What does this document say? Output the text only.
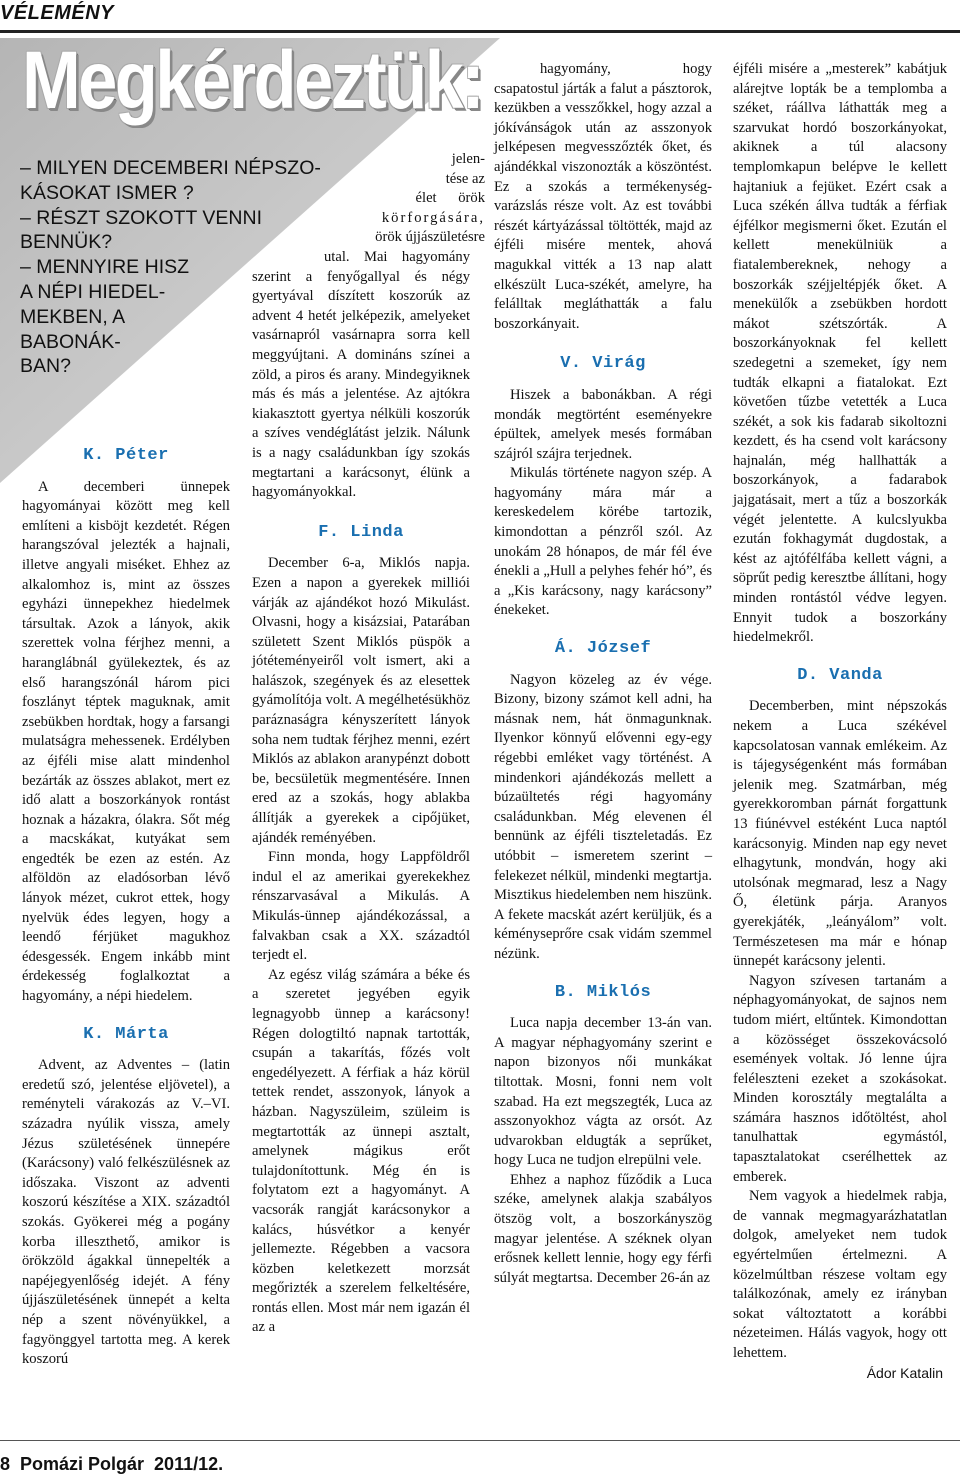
VÉLEMÉNY
Megkérdeztük:
– MILYEN DECEMBERI NÉPSZO-
KÁSOKAT ISMER ?
– RÉSZT SZOKOTT VENNI
BENNÜK?
– MENNYIRE HISZ
A NÉPI HIEDEL-
MEKBEN, A
BABONÁK-
BAN?
K. Péter

A decemberi ünnepek hagyományai között meg kell említeni a kisböjt kezdetét. Régen harangszóval jelezték a hajnali, illetve angyali miséket. Ehhez az alkalomhoz is, mint az összes egyházi ünnepekhez hiedelmek társultak. Azok a lányok, akik szerettek volna férjhez menni, a haranglábnál gyülekeztek, és az első harangszónál három pici foszlányt téptek maguknak, amit zsebükben hordtak, hogy a farsangi mulatságra mehessenek. Erdélyben az éjféli mise alatt mindenhol bezárták az összes ablakot, mert ez idő alatt a boszorkányok rontást hoznak a házakra, ólakra. Sőt még a macskákat, kutyákat sem engedték be ezen az estén. Az alföldön az eladósorban lévő lányok mézet, cukrot ettek, hogy nyelvük édes legyen, hogy a leendő férjüket magukhoz édesgessék. Engem inkább mint érdekesség foglalkoztat a hagyomány, a népi hiedelem.

K. Márta

Advent, az Adventes – (latin eredetű szó, jelentése eljövetel), a reményteli várakozás az V.–VI. századra nyúlik vissza, amely Jézus születésének ünnepére (Karácsony) való felkészülésnek az időszaka. Viszont az adventi koszorú készítése a XIX. századtól szokás. Gyökerei még a pogány korba illeszthető, amikor is örökzöld ágakkal ünnepelték a napéjegyenlőség idejét. A fény újjászületésének ünnepét a kelta nép a szent növényükkel, a fagyönggyel tartotta meg. A kerek koszorú

jelen-
tése az
élet örök
körforgására,
örök újjászületésre

utal. Mai hagyomány szerint a fenyőgallyal és négy gyertyával díszített koszorúk az advent 4 hetét jelképezik, amelyeket vasárnapról vasárnapra sorra kell meggyújtani. A domináns színei a zöld, a piros és arany. Mindegyiknek más és más a jelentése. Az ajtókra kiakasztott gyertya nélküli koszorúk a szíves vendéglátást jelzik. Nálunk is a nagy családunkban így szokás megtartani a karácsonyt, élünk a hagyományokkal.

F. Linda

December 6-a, Miklós napja. Ezen a napon a gyerekek milliói várják az ajándékot hozó Mikulást. Olvasni, hogy a kisázsiai, Patarában született Szent Miklós püspök a jótéteményeiről volt ismert, aki a halászok, szegények és az elesettek gyámolítója volt. A megélhetésükhöz paráznaságra kényszerített lányok soha nem tudtak férjhez menni, ezért Miklós az ablakon aranypénzt dobott be, becsületük megmentésére. Innen ered az a szokás, hogy ablakba állítják a gyerekek a cipőjüket, ajándék reményében.

Finn monda, hogy Lappföldről indul el az amerikai gyerekekhez rénszarvasával a Mikulás. A Mikulás-ünnep ajándékozással, a falvakban csak a XX. századtól terjedt el.

Az egész világ számára a béke és a szeretet jegyében egyik legnagyobb ünnep a karácsony! Régen dologtiltó napnak tartották, csupán a takarítás, főzés volt engedélyezett. A férfiak a ház körül tettek rendet, asszonyok, lányok a házban. Nagyszüleim, szüleim is megtartották az ünnepi asztalt, amelynek mágikus erőt tulajdonítottunk. Még én is folytatom ezt a hagyományt. A vacsorák rangját karácsonykor a kalács, húsvétkor a kenyér jellemezte. Régebben a vacsora közben keletkezett morzsát megőrizték a szerelem felkeltésére, rontás ellen. Most már nem igazán él az a

hagyomány, hogy csapatostul járták a falut a pásztorok, kezükben a vesszőkkel, hogy azzal a jókívánságok után az asszonyok jelképesen megvesszőzték őket, és ajándékkal viszonozták a köszöntést. Ez a szokás a termékenység-varázslás része volt. Az est további részét kártyázással töltötték, majd az éjféli misére mentek, ahová magukkal vitték a 13 nap alatt elkészült Luca-székét, amelyre, ha felálltak megláthatták a falu boszorkányait.

V. Virág

Hiszek a babonákban. A régi mondák megtörtént eseményekre épültek, amelyek mesés formában szájról szájra terjednek.

Mikulás története nagyon szép. A hagyomány mára már a kereskedelem körébe tartozik, kimondottan a pénzről szól. Az unokám 28 hónapos, de már fél éve énekli a „Hull a pelyhes fehér hó”, és a „Kis karácsony, nagy karácsony” énekeket.

Á. József

Nagyon közeleg az év vége. Bizony, bizony számot kell adni, ha másnak nem, hát önmagunknak. Ilyenkor könnyű elővenni egy-egy régebbi emléket vagy történést. A mindenkori ajándékozás mellett a búzaültetés régi hagyomány családunkban. Még elevenen él bennünk az éjféli tiszteletadás. Ez utóbbit – ismeretem szerint – felekezet nélkül, mindenki megtartja. Misztikus hiedelemben nem hiszünk. A fekete macskát azért kerüljük, és a kéményseprőre csak vidám szemmel nézünk.

B. Miklós

Luca napja december 13-án van. A magyar néphagyomány szerint e napon bizonyos női munkákat tiltottak. Mosni, fonni nem volt szabad. Ha ezt megszegték, Luca az asszonyokhoz vágta az orsót. Az udvarokban eldugták a seprűket, hogy Luca ne tudjon elrepülni vele.

Ehhez a naphoz fűződik a Luca széke, amelynek alakja szabályos ötszög volt, a boszorkányszög magyar jelentése. A széknek olyan erősnek kellett lennie, hogy egy férfi súlyát megtartsa. December 26-án az

éjféli misére a „mesterek” kabátjuk alárejtve lopták be a templomba a széket, ráállva láthatták meg a szarvukat hordó boszorkányokat, akiknek a túl alacsony templomkapun belépve le kellett hajtaniuk a fejüket. Ezért csak a Luca székén állva tudták a férfiak éjfélkor megismerni őket. Ezután el kellett menekülniük a fiatalembereknek, nehogy a boszorkák széjjeltépjék őket. A menekülők a zsebükben hordott mákot szétszórták. A boszorkányoknak fel kellett szedegetni a szemeket, így nem tudták elkapni a fiatalokat. Ezt követően tűzbe vetették a Luca székét, a sok kis fadarab sikoltozni kezdett, és ha csend volt karácsony hajnalán, még hallhatták a boszorkányok, a fadarabok jajgatásait, mert a tűz a boszorkák végét jelentette. A kulcslyukba ezután fokhagymát dugdostak, a kést az ajtófélfába kellett vágni, a söprűt pedig keresztbe állítani, hogy minden rontástól védve legyen. Ennyit tudok a boszorkány hiedelmekről.

D. Vanda

Decemberben, mint népszokás nekem a Luca székével kapcsolatosan vannak emlékeim. Az is tájegységenként más formában jelenik meg. Szatmárban, még gyerekkoromban párnát forgattunk 13 fiúnévvel estéként Luca naptól karácsonyig. Minden nap egy nevet elhagytunk, mondván, hogy aki utolsónak megmarad, lesz a Nagy Ő, életünk párja. Aranyos gyerekjáték, „leányálom” volt. Természetesen ma már e hónap ünnepét karácsony jelenti.

Nagyon szívesen tartanám a néphagyományokat, de sajnos nem tudom miért, eltűntek. Kimondottan a közösséget összekovácsoló események voltak. Jó lenne újra feléleszteni ezeket a szokásokat. Minden korosztály megtalálta a számára hasznos időtöltést, ahol tanulhattak egymástól, tapasztalatokat cserélhettek az emberek.

Nem vagyok a hiedelmek rabja, de vannak megmagyarázhatatlan dolgok, amelyeket nem tudok egyértelműen értelmezni. A közelmúltban részese voltam egy találkozónak, amely ez irányban sokat változtatott a korábbi nézeteimen. Hálás vagyok, hogy ott lehettem.

Ádor Katalin
8  Pomázi Polgár  2011/12.
